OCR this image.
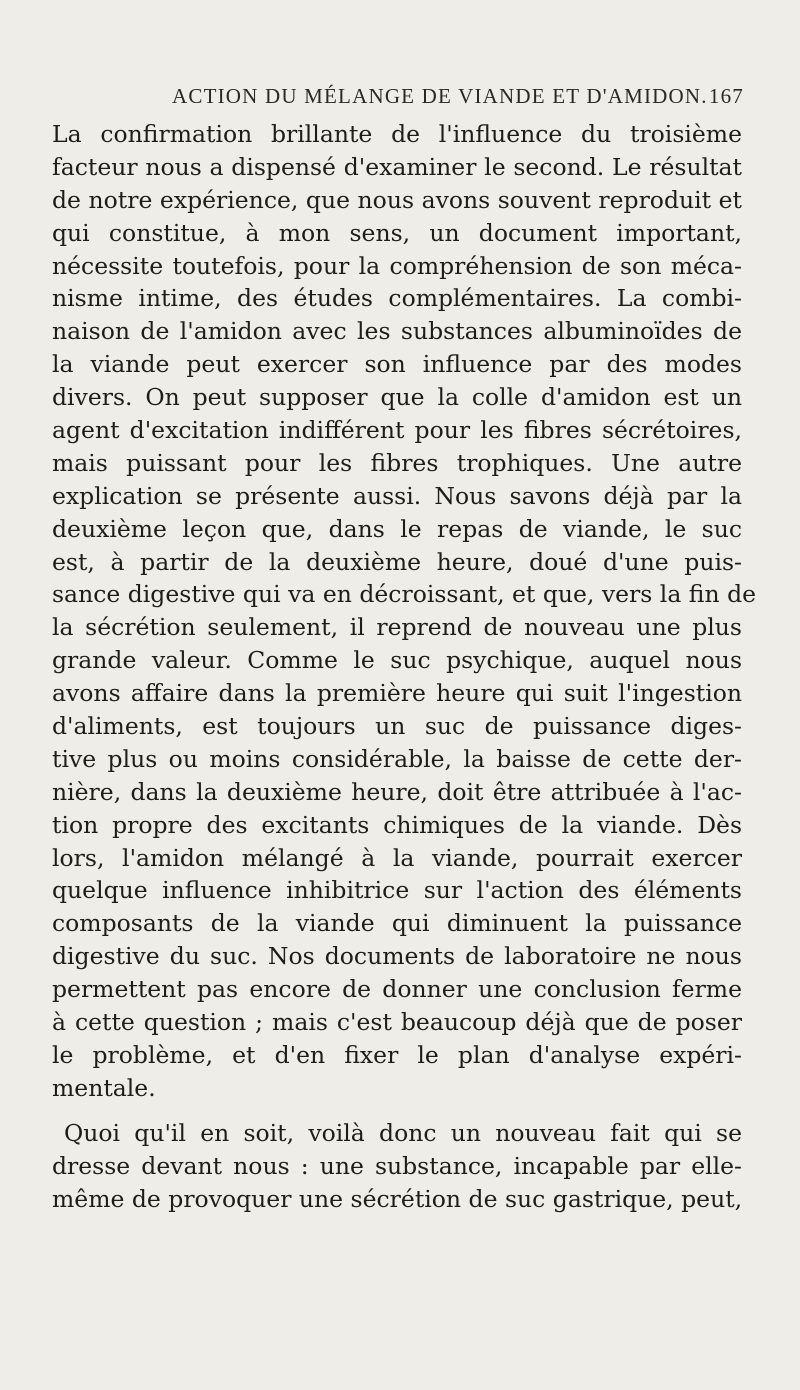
ACTION DU MÉLANGE DE VIANDE ET D'AMIDON. 167
La confirmation brillante de l'influence du troisième
facteur nous a dispensé d'examiner le second. Le résultat
de notre expérience, que nous avons souvent reproduit et
qui constitue, à mon sens, un document important,
nécessite toutefois, pour la compréhension de son méca-
nisme intime, des études complémentaires. La combi-
naison de l'amidon avec les substances albuminoïdes de
la viande peut exercer son influence par des modes
divers. On peut supposer que la colle d'amidon est un
agent d'excitation indifférent pour les fibres sécrétoires,
mais puissant pour les fibres trophiques. Une autre
explication se présente aussi. Nous savons déjà par la
deuxième leçon que, dans le repas de viande, le suc
est, à partir de la deuxième heure, doué d'une puis-
sance digestive qui va en décroissant, et que, vers la fin de
la sécrétion seulement, il reprend de nouveau une plus
grande valeur. Comme le suc psychique, auquel nous
avons affaire dans la première heure qui suit l'ingestion
d'aliments, est toujours un suc de puissance diges-
tive plus ou moins considérable, la baisse de cette der-
nière, dans la deuxième heure, doit être attribuée à l'ac-
tion propre des excitants chimiques de la viande. Dès
lors, l'amidon mélangé à la viande, pourrait exercer
quelque influence inhibitrice sur l'action des éléments
composants de la viande qui diminuent la puissance
digestive du suc. Nos documents de laboratoire ne nous
permettent pas encore de donner une conclusion ferme
à cette question ; mais c'est beaucoup déjà que de poser
le problème, et d'en fixer le plan d'analyse expéri-
mentale.
Quoi qu'il en soit, voilà donc un nouveau fait qui se
dresse devant nous : une substance, incapable par elle-
même de provoquer une sécrétion de suc gastrique, peut,
